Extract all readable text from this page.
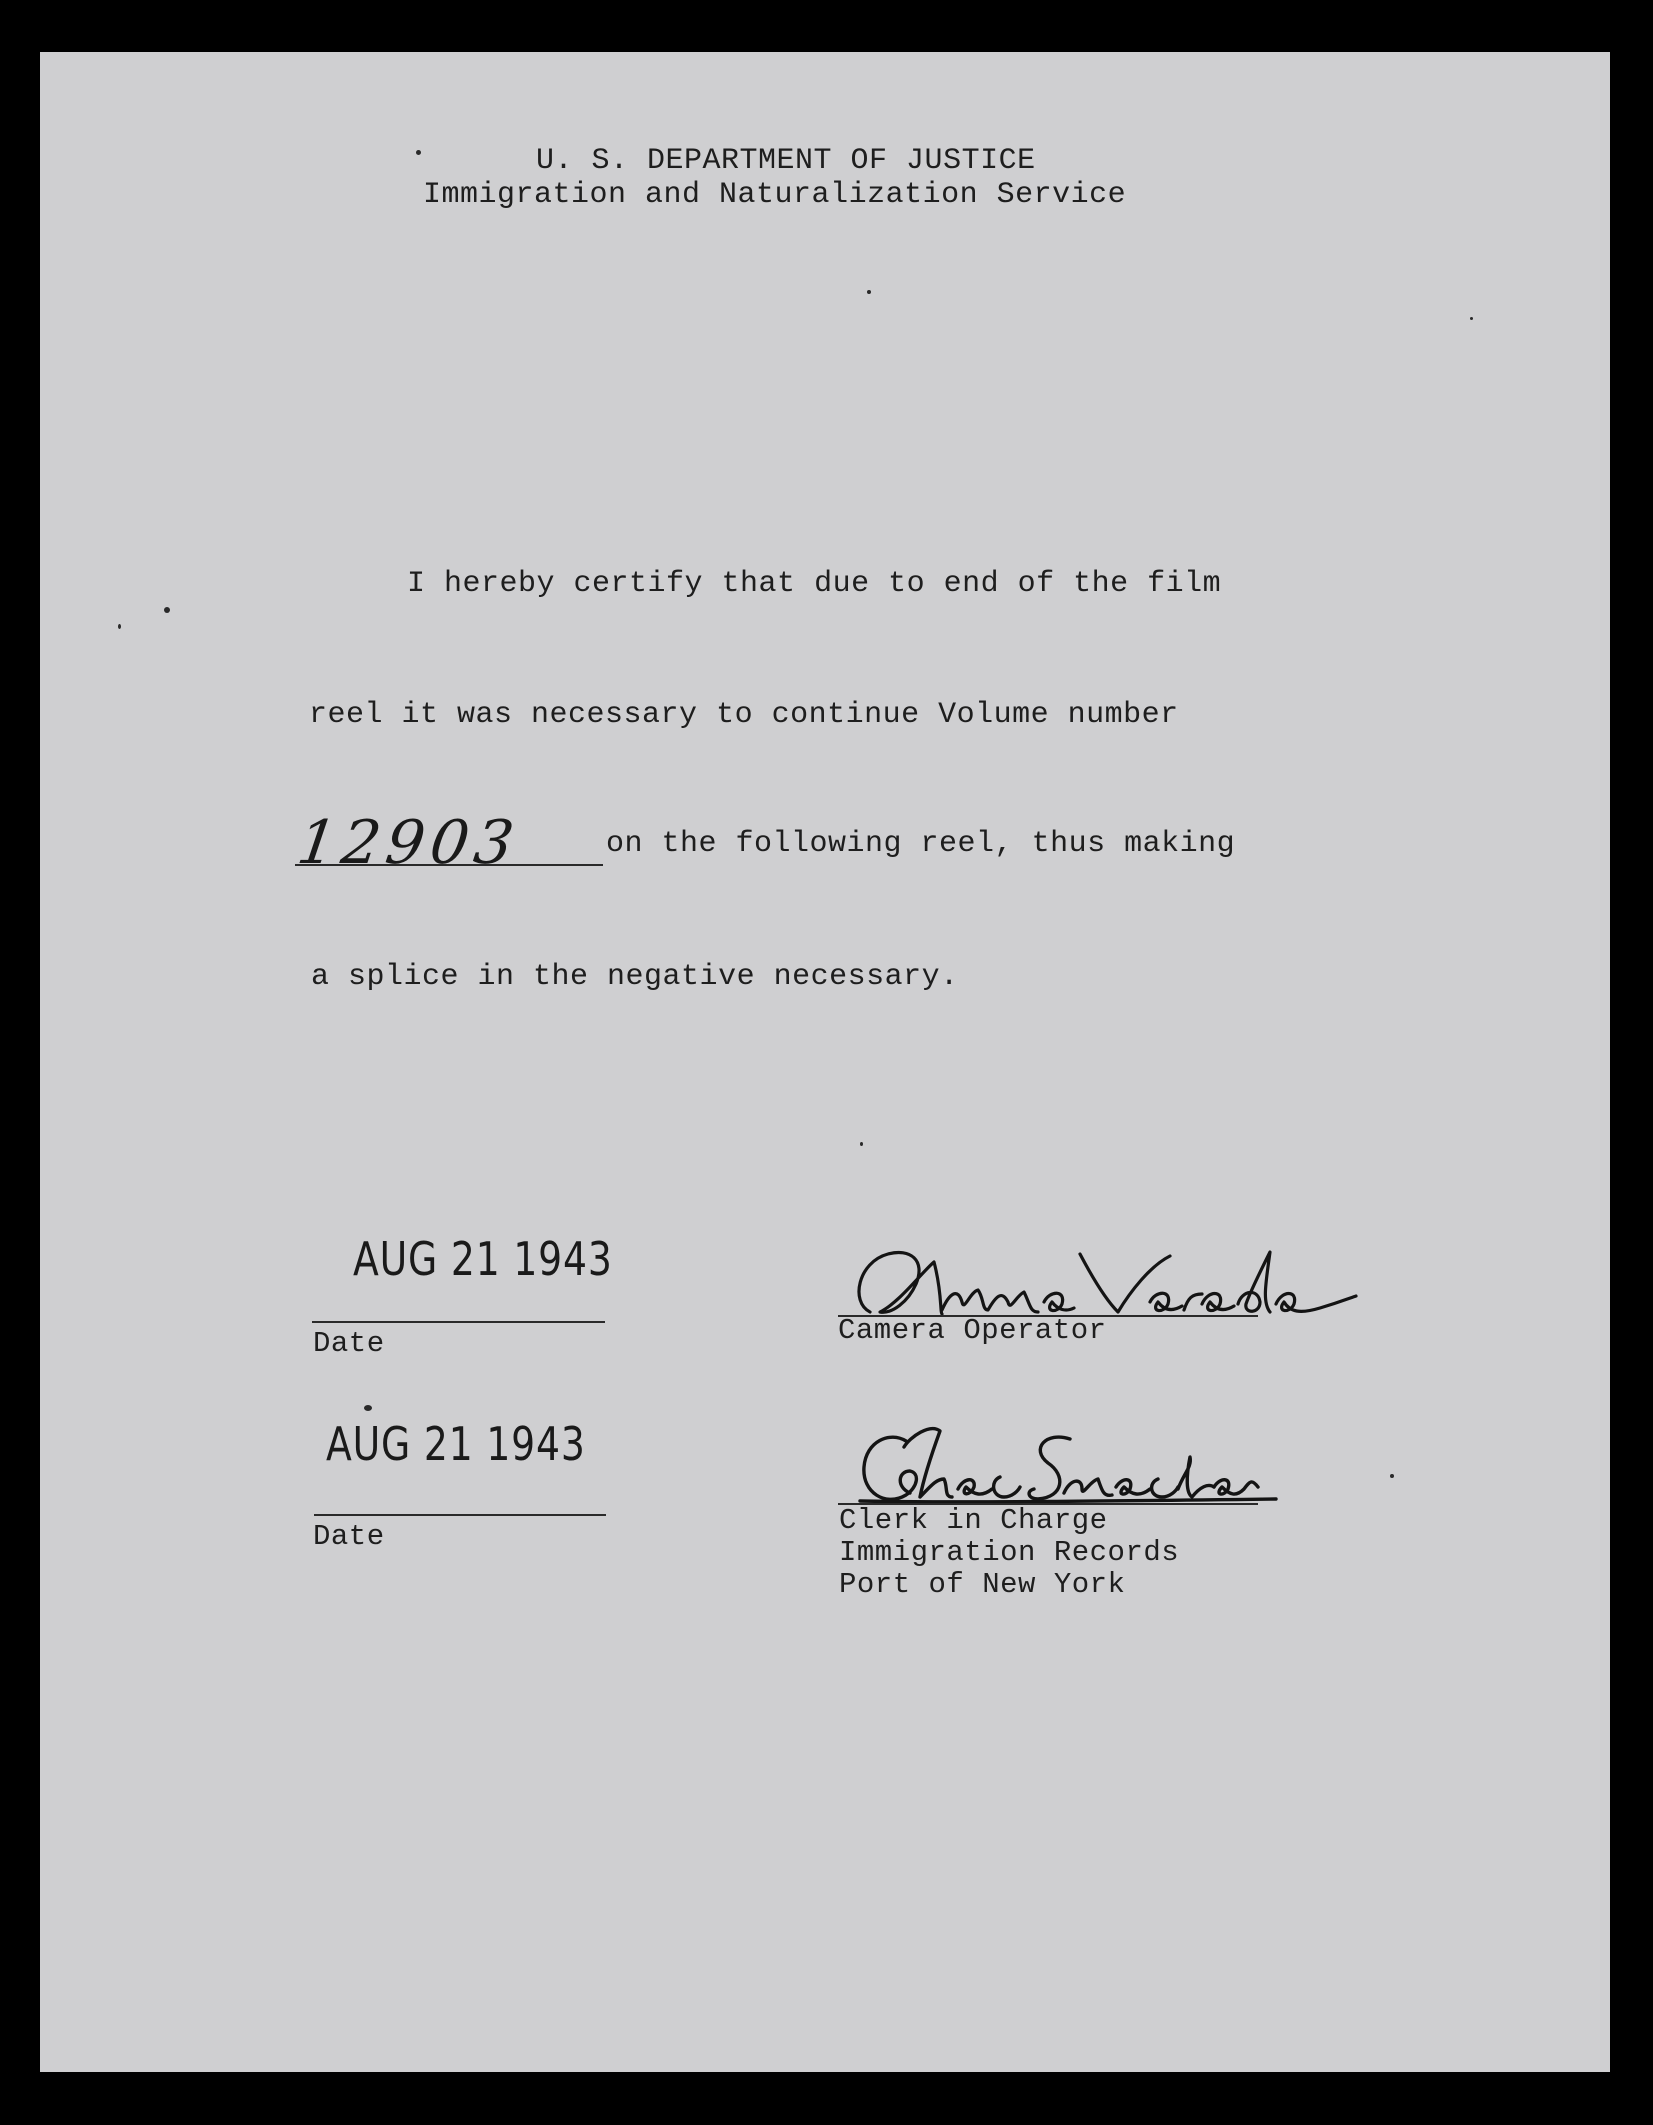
U. S. DEPARTMENT OF JUSTICE
Immigration and Naturalization Service
I hereby certify that due to end of the film
reel it was necessary to continue Volume number
12903	on the following reel, thus making
a splice in the negative necessary.
AUG 21 1943
Date
AUG 21 1943
Date
Camera Operator
Clerk in Charge
Immigration Records
Port of New York
